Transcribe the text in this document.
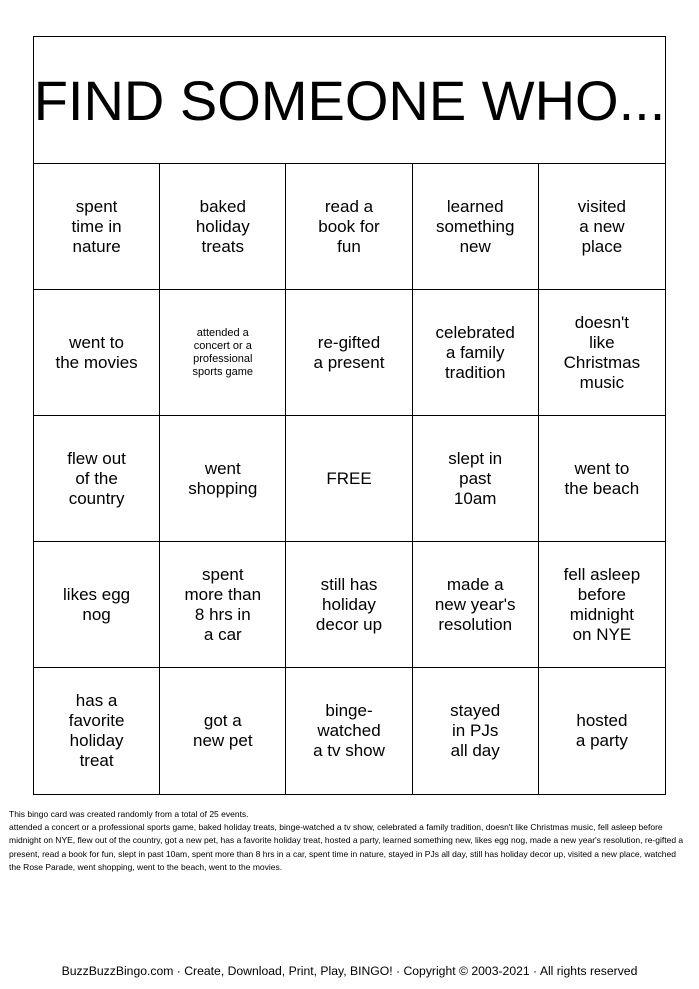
FIND SOMEONE WHO...
spent
time in
nature
baked
holiday
treats
read a
book for
fun
learned
something
new
visited
a new
place
went to
the movies
attended a
concert or a
professional
sports game
re-gifted
a present
celebrated
a family
tradition
doesn't
like
Christmas
music
flew out
of the
country
went
shopping
FREE
slept in
past
10am
went to
the beach
likes egg
nog
spent
more than
8 hrs in
a car
still has
holiday
decor up
made a
new year's
resolution
fell asleep
before
midnight
on NYE
has a
favorite
holiday
treat
got a
new pet
binge-watched
a tv show
stayed
in PJs
all day
hosted
a party

This bingo card was created randomly from a total of 25 events.

attended a concert or a professional sports game, baked holiday treats, binge-watched a tv show, celebrated a family tradition, doesn't like Christmas music, fell asleep before midnight on NYE, flew out of the country, got a new pet, has a favorite holiday treat, hosted a party, learned something new, likes egg nog, made a new year's resolution, re-gifted a present, read a book for fun, slept in past 10am, spent more than 8 hrs in a car, spent time in nature, stayed in PJs all day, still has holiday decor up, visited a new place, watched the Rose Parade, went shopping, went to the beach, went to the movies.

BuzzBuzzBingo.com · Create, Download, Print, Play, BINGO! · Copyright © 2003-2021 · All rights reserved
